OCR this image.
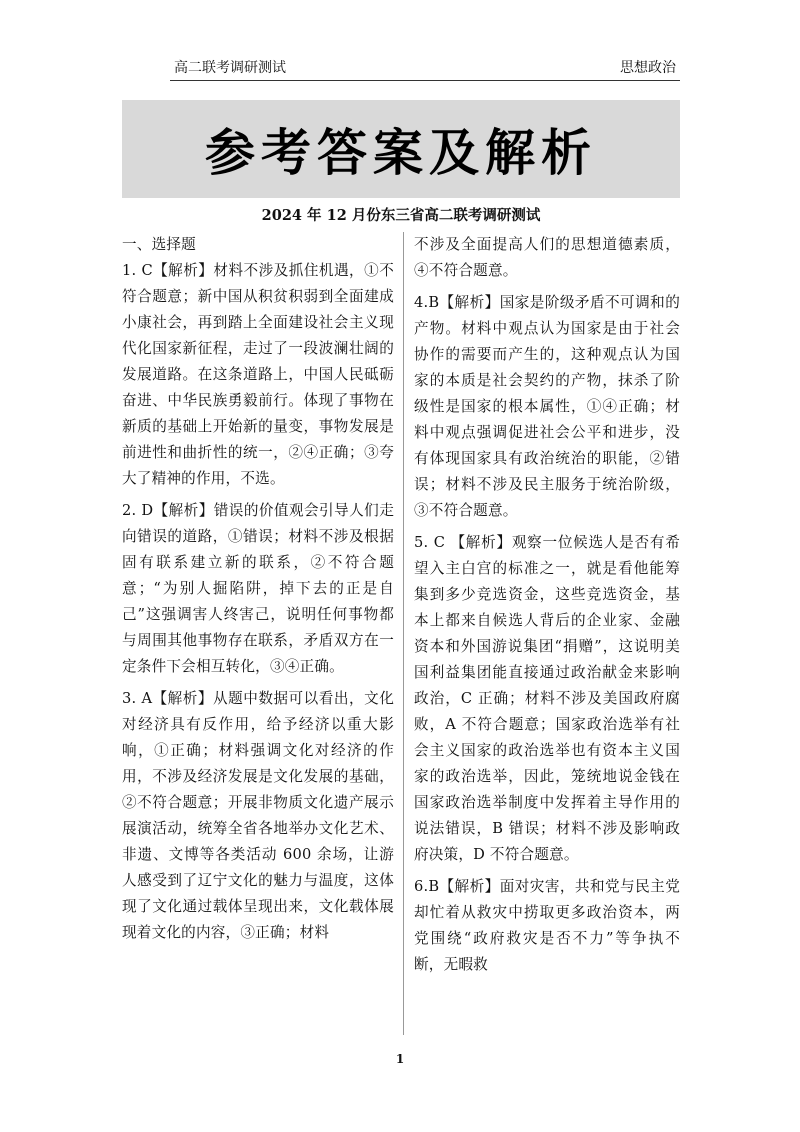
高二联考调研测试	思想政治
参考答案及解析
2024 年 12 月份东三省高二联考调研测试

一、选择题

1. C【解析】材料不涉及抓住机遇，①不符合题意；新中国从积贫积弱到全面建成小康社会，再到踏上全面建设社会主义现代化国家新征程，走过了一段波澜壮阔的发展道路。在这条道路上，中国人民砥砺奋进、中华民族勇毅前行。体现了事物在新质的基础上开始新的量变，事物发展是前进性和曲折性的统一，②④正确；③夸大了精神的作用，不选。

2. D【解析】错误的价值观会引导人们走向错误的道路，①错误；材料不涉及根据固有联系建立新的联系，②不符合题意；“为别人掘陷阱，掉下去的正是自己”这强调害人终害己，说明任何事物都与周围其他事物存在联系，矛盾双方在一定条件下会相互转化，③④正确。

3. A【解析】从题中数据可以看出，文化对经济具有反作用，给予经济以重大影响，①正确；材料强调文化对经济的作用，不涉及经济发展是文化发展的基础，②不符合题意；开展非物质文化遗产展示展演活动，统筹全省各地举办文化艺术、非遗、文博等各类活动 600 余场，让游人感受到了辽宁文化的魅力与温度，这体现了文化通过载体呈现出来，文化载体展现着文化的内容，③正确；材料

不涉及全面提高人们的思想道德素质，④不符合题意。

4.B【解析】国家是阶级矛盾不可调和的产物。材料中观点认为国家是由于社会协作的需要而产生的，这种观点认为国家的本质是社会契约的产物，抹杀了阶级性是国家的根本属性，①④正确；材料中观点强调促进社会公平和进步，没有体现国家具有政治统治的职能，②错误；材料不涉及民主服务于统治阶级，③不符合题意。

5. C 【解析】观察一位候选人是否有希望入主白宫的标准之一，就是看他能筹集到多少竞选资金，这些竞选资金，基本上都来自候选人背后的企业家、金融资本和外国游说集团“捐赠”，这说明美国利益集团能直接通过政治献金来影响政治，C 正确；材料不涉及美国政府腐败，A 不符合题意；国家政治选举有社会主义国家的政治选举也有资本主义国家的政治选举，因此，笼统地说金钱在国家政治选举制度中发挥着主导作用的说法错误，B 错误；材料不涉及影响政府决策，D 不符合题意。

6.B【解析】面对灾害，共和党与民主党却忙着从救灾中捞取更多政治资本，两党围绕“政府救灾是否不力”等争执不断，无暇救

1
